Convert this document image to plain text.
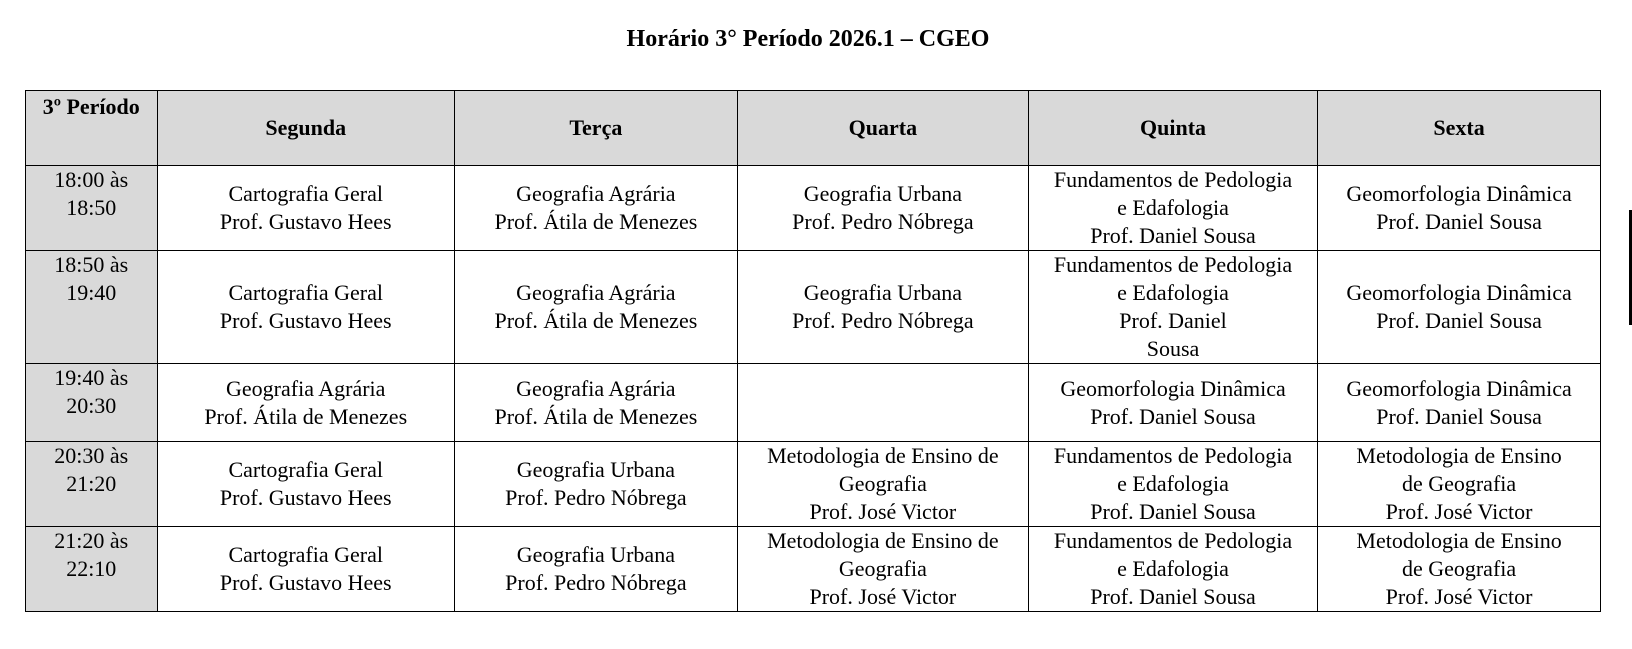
Horário 3° Período 2026.1 – CGEO
3º Período	Segunda	Terça	Quarta	Quinta	Sexta

18:00 às
18:50	Cartografia Geral
Prof. Gustavo Hees	Geografia Agrária
Prof. Átila de Menezes	Geografia Urbana
Prof. Pedro Nóbrega	Fundamentos de Pedologia
e Edafologia
Prof. Daniel Sousa	Geomorfologia Dinâmica
Prof. Daniel Sousa

18:50 às
19:40	Cartografia Geral
Prof. Gustavo Hees	Geografia Agrária
Prof. Átila de Menezes	Geografia Urbana
Prof. Pedro Nóbrega	Fundamentos de Pedologia
e Edafologia
Prof. Daniel
Sousa	Geomorfologia Dinâmica
Prof. Daniel Sousa

19:40 às
20:30	Geografia Agrária
Prof. Átila de Menezes	Geografia Agrária
Prof. Átila de Menezes		Geomorfologia Dinâmica
Prof. Daniel Sousa	Geomorfologia Dinâmica
Prof. Daniel Sousa

20:30 às
21:20	Cartografia Geral
Prof. Gustavo Hees	Geografia Urbana
Prof. Pedro Nóbrega	Metodologia de Ensino de
Geografia
Prof. José Victor	Fundamentos de Pedologia
e Edafologia
Prof. Daniel Sousa	Metodologia de Ensino
de Geografia
Prof. José Victor

21:20 às
22:10	Cartografia Geral
Prof. Gustavo Hees	Geografia Urbana
Prof. Pedro Nóbrega	Metodologia de Ensino de
Geografia
Prof. José Victor	Fundamentos de Pedologia
e Edafologia
Prof. Daniel Sousa	Metodologia de Ensino
de Geografia
Prof. José Victor
